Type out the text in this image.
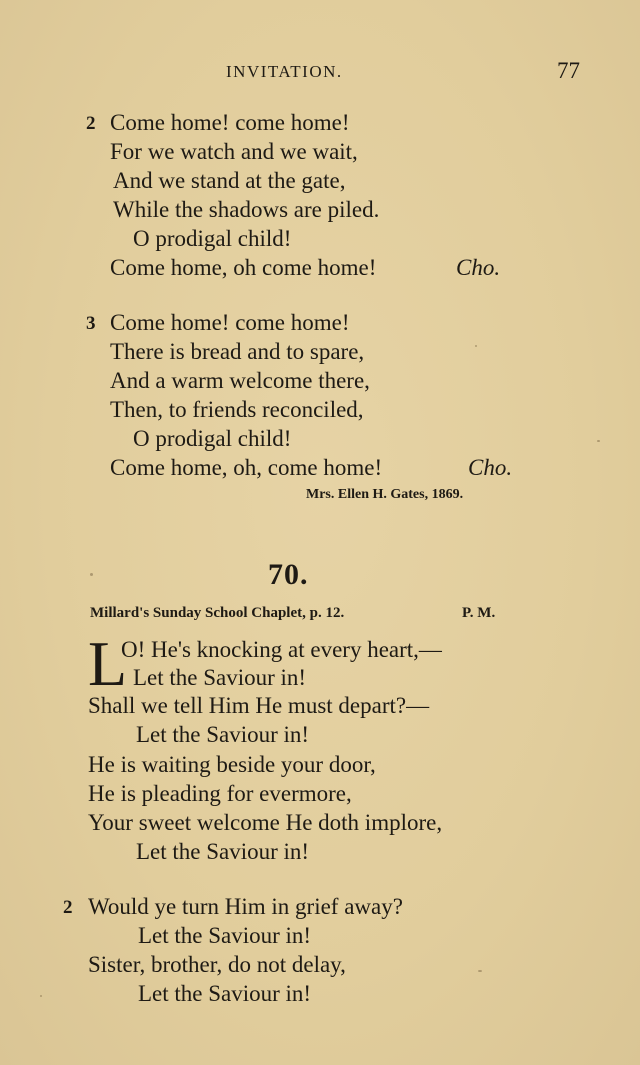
INVITATION.	77
2 Come home! come home!
For we watch and we wait,
And we stand at the gate,
While the shadows are piled.
O prodigal child!
Come home, oh come home!	Cho.
3 Come home! come home!
There is bread and to spare,
And a warm welcome there,
Then, to friends reconciled,
O prodigal child!
Come home, oh, come home!	Cho.
Mrs. Ellen H. Gates, 1869.
70.
Millard's Sunday School Chaplet, p. 12.	P. M.
L
O! He's knocking at every heart,—
Let the Saviour in!
Shall we tell Him He must depart?—
Let the Saviour in!
He is waiting beside your door,
He is pleading for evermore,
Your sweet welcome He doth implore,
Let the Saviour in!
2 Would ye turn Him in grief away?
Let the Saviour in!
Sister, brother, do not delay,
Let the Saviour in!
